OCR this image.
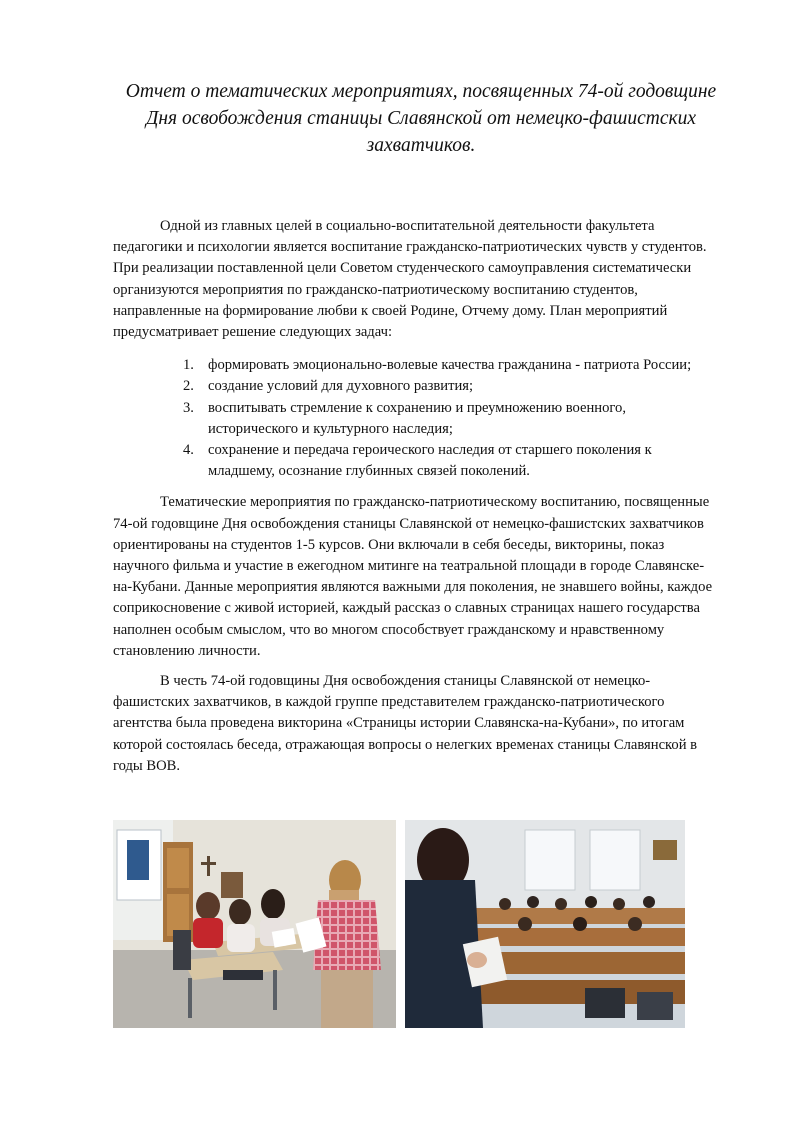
Отчет о тематических мероприятиях, посвященных 74-ой годовщине Дня освобождения станицы Славянской от немецко-фашистских захватчиков.

Одной из главных целей в социально-воспитательной деятельности факультета педагогики и психологии является воспитание гражданско-патриотических чувств у студентов. При реализации поставленной цели Советом студенческого самоуправления систематически организуются мероприятия по гражданско-патриотическому воспитанию студентов, направленные на формирование любви к своей Родине, Отчему дому. План мероприятий предусматривает решение следующих задач:

1. формировать эмоционально-волевые качества гражданина - патриота России;
2. создание условий для духовного развития;
3. воспитывать стремление к сохранению и преумножению военного, исторического и культурного наследия;
4. сохранение и передача героического наследия от старшего поколения к младшему, осознание глубинных связей поколений.

Тематические мероприятия по гражданско-патриотическому воспитанию, посвященные 74-ой годовщине Дня освобождения станицы Славянской от немецко-фашистских захватчиков ориентированы на студентов 1-5 курсов. Они включали в себя беседы, викторины, показ научного фильма и участие в ежегодном митинге на театральной площади в городе Славянске-на-Кубани. Данные мероприятия являются важными для поколения, не знавшего войны, каждое соприкосновение с живой историей, каждый рассказ о славных страницах нашего государства наполнен особым смыслом, что во многом способствует гражданскому и нравственному становлению личности.

В честь 74-ой годовщины Дня освобождения станицы Славянской от немецко-фашистских захватчиков, в каждой группе представителем гражданско-патриотического агентства была проведена викторина «Страницы истории Славянска-на-Кубани», по итогам которой состоялась беседа, отражающая вопросы о нелегких временах станицы Славянской в годы ВОВ.
